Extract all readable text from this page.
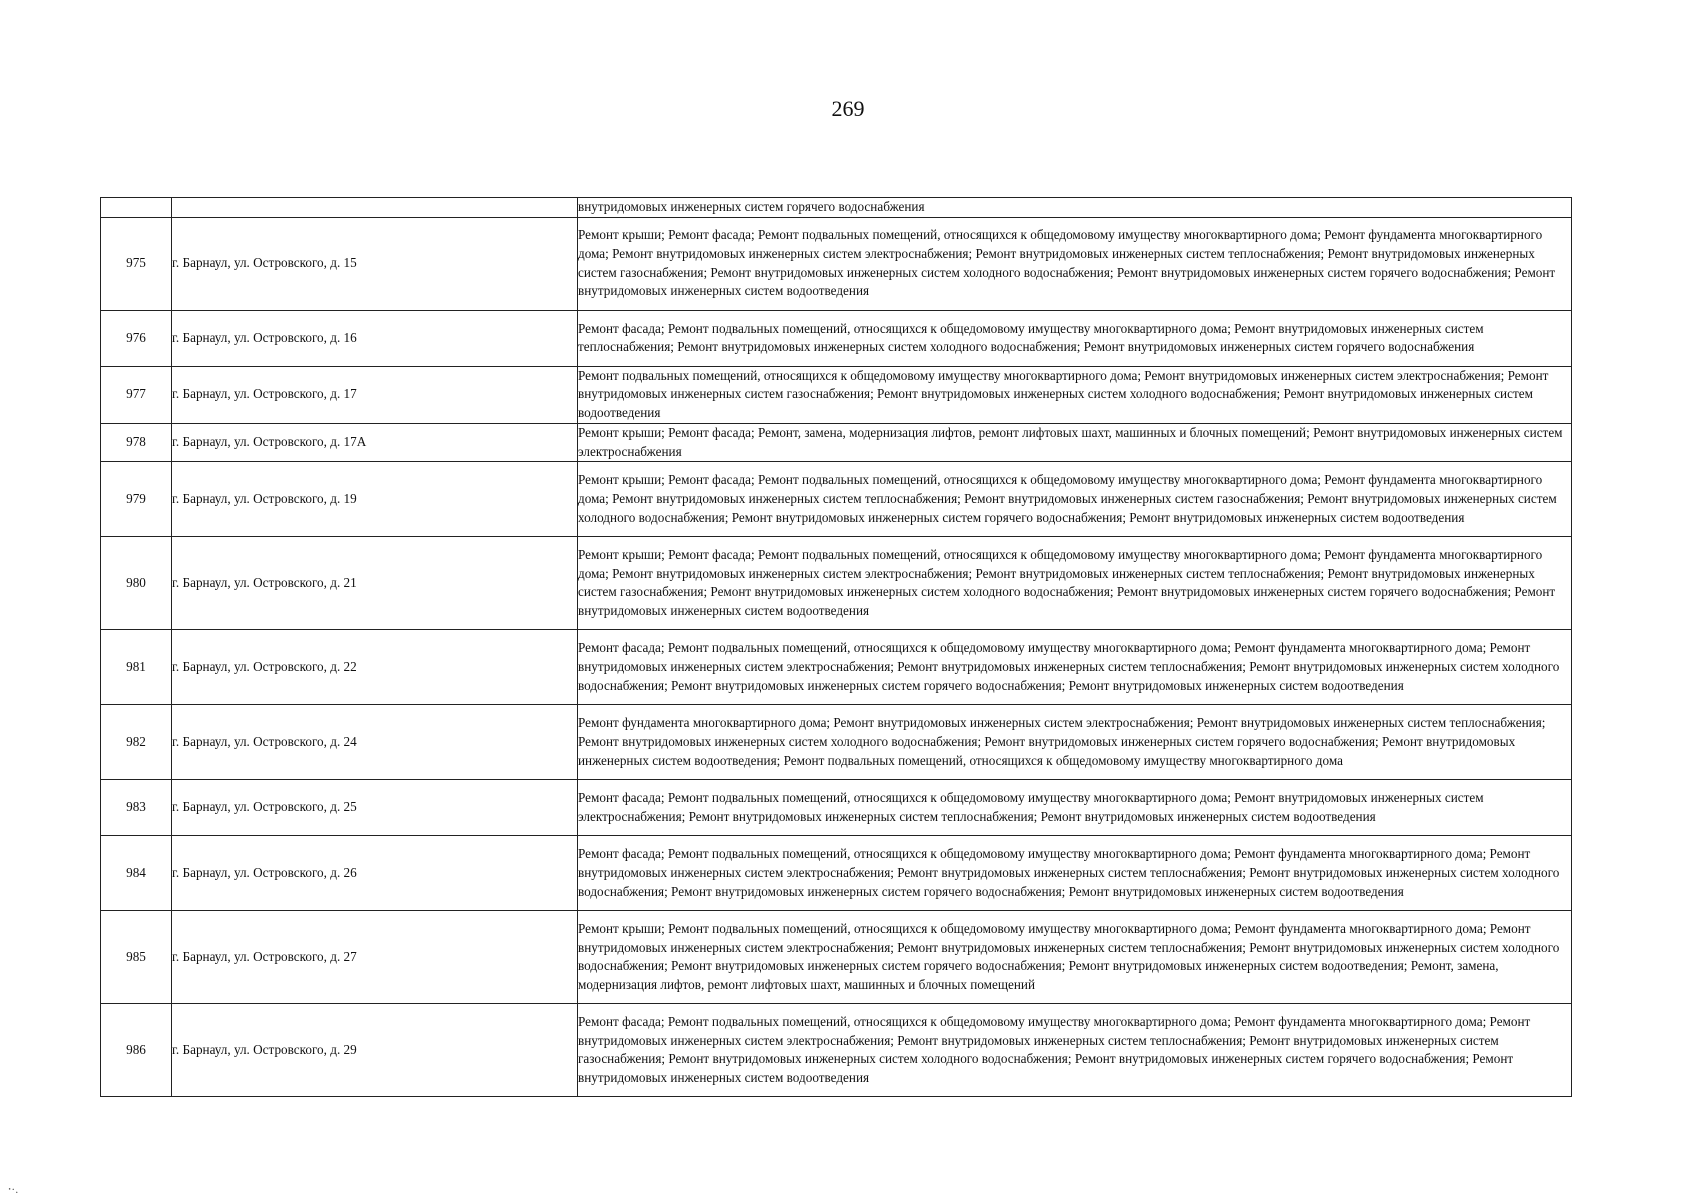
269
		внутридомовых инженерных систем горячего водоснабжения
975	г. Барнаул, ул. Островского, д. 15	Ремонт крыши; Ремонт фасада; Ремонт подвальных помещений, относящихся к общедомовому имуществу многоквартирного дома; Ремонт фундамента многоквартирного дома; Ремонт внутридомовых инженерных систем электроснабжения; Ремонт внутридомовых инженерных систем теплоснабжения; Ремонт внутридомовых инженерных систем газоснабжения; Ремонт внутридомовых инженерных систем холодного водоснабжения; Ремонт внутридомовых инженерных систем горячего водоснабжения; Ремонт внутридомовых инженерных систем водоотведения
976	г. Барнаул, ул. Островского, д. 16	Ремонт фасада; Ремонт подвальных помещений, относящихся к общедомовому имуществу многоквартирного дома; Ремонт внутридомовых инженерных систем теплоснабжения; Ремонт внутридомовых инженерных систем холодного водоснабжения; Ремонт внутридомовых инженерных систем горячего водоснабжения
977	г. Барнаул, ул. Островского, д. 17	Ремонт подвальных помещений, относящихся к общедомовому имуществу многоквартирного дома; Ремонт внутридомовых инженерных систем электроснабжения; Ремонт внутридомовых инженерных систем газоснабжения; Ремонт внутридомовых инженерных систем холодного водоснабжения; Ремонт внутридомовых инженерных систем водоотведения
978	г. Барнаул, ул. Островского, д. 17А	Ремонт крыши; Ремонт фасада; Ремонт, замена, модернизация лифтов, ремонт лифтовых шахт, машинных и блочных помещений; Ремонт внутридомовых инженерных систем электроснабжения
979	г. Барнаул, ул. Островского, д. 19	Ремонт крыши; Ремонт фасада; Ремонт подвальных помещений, относящихся к общедомовому имуществу многоквартирного дома; Ремонт фундамента многоквартирного дома; Ремонт внутридомовых инженерных систем теплоснабжения; Ремонт внутридомовых инженерных систем газоснабжения; Ремонт внутридомовых инженерных систем холодного водоснабжения; Ремонт внутридомовых инженерных систем горячего водоснабжения; Ремонт внутридомовых инженерных систем водоотведения
980	г. Барнаул, ул. Островского, д. 21	Ремонт крыши; Ремонт фасада; Ремонт подвальных помещений, относящихся к общедомовому имуществу многоквартирного дома; Ремонт фундамента многоквартирного дома; Ремонт внутридомовых инженерных систем электроснабжения; Ремонт внутридомовых инженерных систем теплоснабжения; Ремонт внутридомовых инженерных систем газоснабжения; Ремонт внутридомовых инженерных систем холодного водоснабжения; Ремонт внутридомовых инженерных систем горячего водоснабжения; Ремонт внутридомовых инженерных систем водоотведения
981	г. Барнаул, ул. Островского, д. 22	Ремонт фасада; Ремонт подвальных помещений, относящихся к общедомовому имуществу многоквартирного дома; Ремонт фундамента многоквартирного дома; Ремонт внутридомовых инженерных систем электроснабжения; Ремонт внутридомовых инженерных систем теплоснабжения; Ремонт внутридомовых инженерных систем холодного водоснабжения; Ремонт внутридомовых инженерных систем горячего водоснабжения; Ремонт внутридомовых инженерных систем водоотведения
982	г. Барнаул, ул. Островского, д. 24	Ремонт фундамента многоквартирного дома; Ремонт внутридомовых инженерных систем электроснабжения; Ремонт внутридомовых инженерных систем теплоснабжения; Ремонт внутридомовых инженерных систем холодного водоснабжения; Ремонт внутридомовых инженерных систем горячего водоснабжения; Ремонт внутридомовых инженерных систем водоотведения; Ремонт подвальных помещений, относящихся к общедомовому имуществу многоквартирного дома
983	г. Барнаул, ул. Островского, д. 25	Ремонт фасада; Ремонт подвальных помещений, относящихся к общедомовому имуществу многоквартирного дома; Ремонт внутридомовых инженерных систем электроснабжения; Ремонт внутридомовых инженерных систем теплоснабжения; Ремонт внутридомовых инженерных систем водоотведения
984	г. Барнаул, ул. Островского, д. 26	Ремонт фасада; Ремонт подвальных помещений, относящихся к общедомовому имуществу многоквартирного дома; Ремонт фундамента многоквартирного дома; Ремонт внутридомовых инженерных систем электроснабжения; Ремонт внутридомовых инженерных систем теплоснабжения; Ремонт внутридомовых инженерных систем холодного водоснабжения; Ремонт внутридомовых инженерных систем горячего водоснабжения; Ремонт внутридомовых инженерных систем водоотведения
985	г. Барнаул, ул. Островского, д. 27	Ремонт крыши; Ремонт подвальных помещений, относящихся к общедомовому имуществу многоквартирного дома; Ремонт фундамента многоквартирного дома; Ремонт внутридомовых инженерных систем электроснабжения; Ремонт внутридомовых инженерных систем теплоснабжения; Ремонт внутридомовых инженерных систем холодного водоснабжения; Ремонт внутридомовых инженерных систем горячего водоснабжения; Ремонт внутридомовых инженерных систем водоотведения; Ремонт, замена, модернизация лифтов, ремонт лифтовых шахт, машинных и блочных помещений
986	г. Барнаул, ул. Островского, д. 29	Ремонт фасада; Ремонт подвальных помещений, относящихся к общедомовому имуществу многоквартирного дома; Ремонт фундамента многоквартирного дома; Ремонт внутридомовых инженерных систем электроснабжения; Ремонт внутридомовых инженерных систем теплоснабжения; Ремонт внутридомовых инженерных систем газоснабжения; Ремонт внутридомовых инженерных систем холодного водоснабжения; Ремонт внутридомовых инженерных систем горячего водоснабжения; Ремонт внутридомовых инженерных систем водоотведения
⸱·.
